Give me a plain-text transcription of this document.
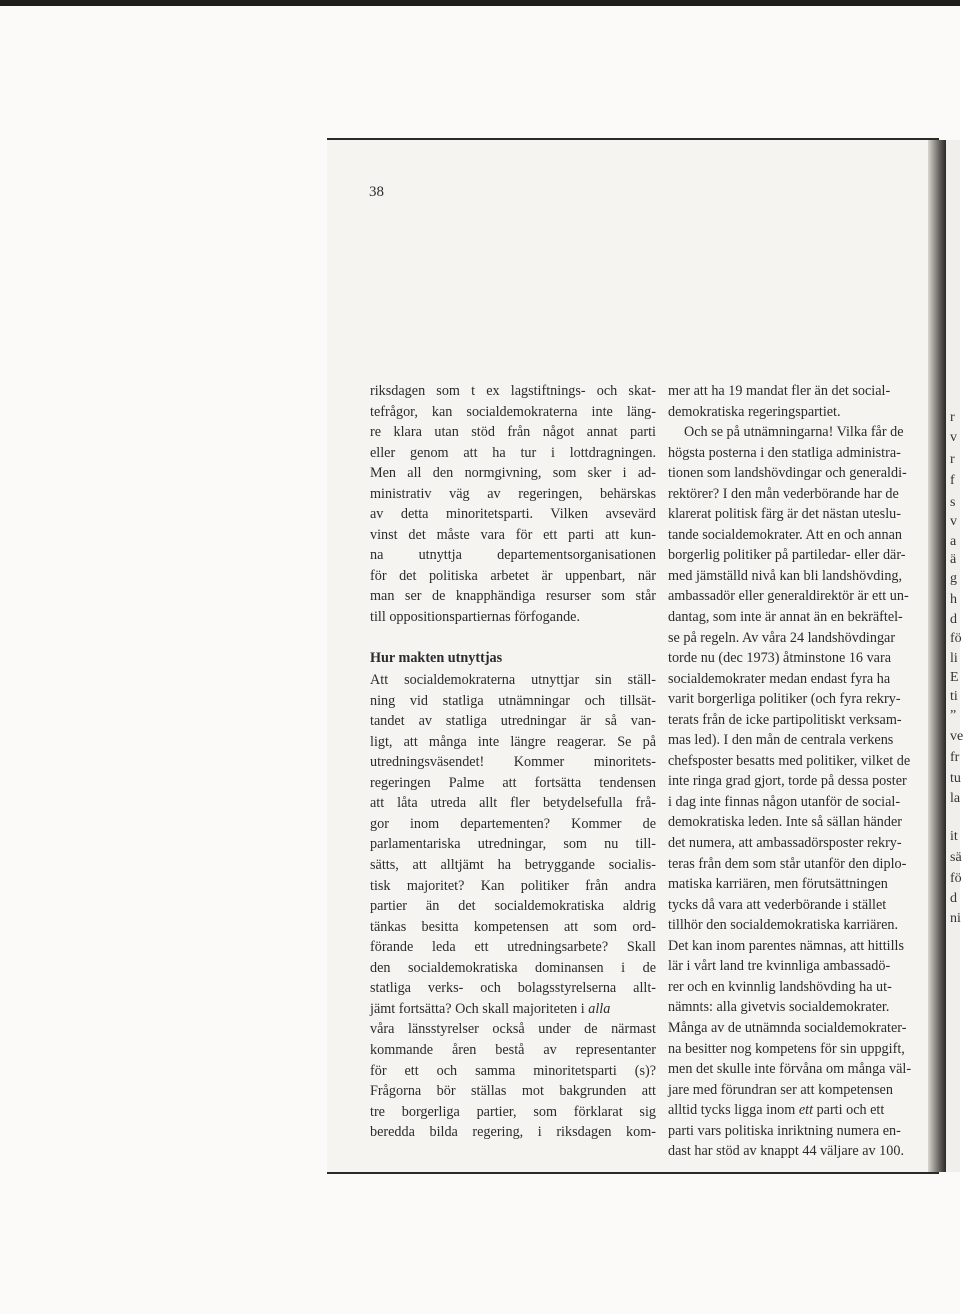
r
v
r
f
s
v
a
ä
g
h
d
fö
li
E
ti
”
ve
fr
tu
la
it
sä
fö
d
ni
38
riksdagen som t ex lagstiftnings- och skat-
tefrågor, kan socialdemokraterna inte läng-
re klara utan stöd från något annat parti
eller genom att ha tur i lottdragningen.
Men all den normgivning, som sker i ad-
ministrativ väg av regeringen, behärskas
av detta minoritetsparti. Vilken avsevärd
vinst det måste vara för ett parti att kun-
na utnyttja departementsorganisationen
för det politiska arbetet är uppenbart, när
man ser de knapphändiga resurser som står
till oppositionspartiernas förfogande.
Hur makten utnyttjas
Att socialdemokraterna utnyttjar sin ställ-
ning vid statliga utnämningar och tillsät-
tandet av statliga utredningar är så van-
ligt, att många inte längre reagerar. Se på
utredningsväsendet! Kommer minoritets-
regeringen Palme att fortsätta tendensen
att låta utreda allt fler betydelsefulla frå-
gor inom departementen? Kommer de
parlamentariska utredningar, som nu till-
sätts, att alltjämt ha betryggande socialis-
tisk majoritet? Kan politiker från andra
partier än det socialdemokratiska aldrig
tänkas besitta kompetensen att som ord-
förande leda ett utredningsarbete? Skall
den socialdemokratiska dominansen i de
statliga verks- och bolagsstyrelserna allt-
jämt fortsätta? Och skall majoriteten i alla
våra länsstyrelser också under de närmast
kommande åren bestå av representanter
för ett och samma minoritetsparti (s)?
Frågorna bör ställas mot bakgrunden att
tre borgerliga partier, som förklarat sig
beredda bilda regering, i riksdagen kom-
mer att ha 19 mandat fler än det social-
demokratiska regeringspartiet.
Och se på utnämningarna! Vilka får de
högsta posterna i den statliga administra-
tionen som landshövdingar och generaldi-
rektörer? I den mån vederbörande har de
klarerat politisk färg är det nästan uteslu-
tande socialdemokrater. Att en och annan
borgerlig politiker på partiledar- eller där-
med jämställd nivå kan bli landshövding,
ambassadör eller generaldirektör är ett un-
dantag, som inte är annat än en bekräftel-
se på regeln. Av våra 24 landshövdingar
torde nu (dec 1973) åtminstone 16 vara
socialdemokrater medan endast fyra ha
varit borgerliga politiker (och fyra rekry-
terats från de icke partipolitiskt verksam-
mas led). I den mån de centrala verkens
chefsposter besatts med politiker, vilket de
inte ringa grad gjort, torde på dessa poster
i dag inte finnas någon utanför de social-
demokratiska leden. Inte så sällan händer
det numera, att ambassadörsposter rekry-
teras från dem som står utanför den diplo-
matiska karriären, men förutsättningen
tycks då vara att vederbörande i stället
tillhör den socialdemokratiska karriären.
Det kan inom parentes nämnas, att hittills
lär i vårt land tre kvinnliga ambassadö-
rer och en kvinnlig landshövding ha ut-
nämnts: alla givetvis socialdemokrater.
Många av de utnämnda socialdemokrater-
na besitter nog kompetens för sin uppgift,
men det skulle inte förvåna om många väl-
jare med förundran ser att kompetensen
alltid tycks ligga inom ett parti och ett
parti vars politiska inriktning numera en-
dast har stöd av knappt 44 väljare av 100.
